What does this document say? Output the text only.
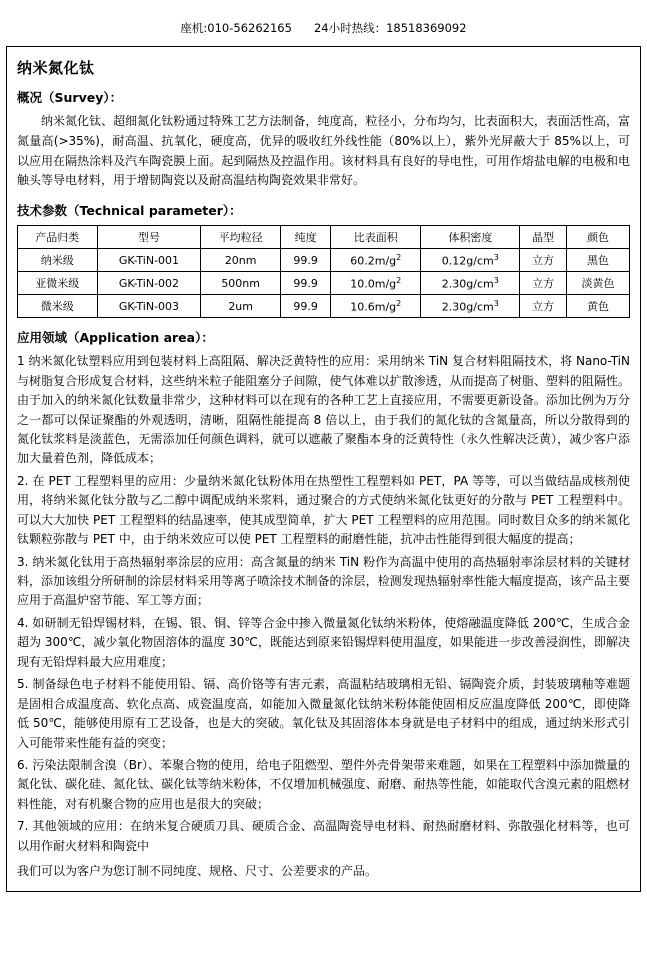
座机:010-56262165 24小时热线：18518369092
纳米氮化钛
概况（Survey）：

纳米氮化钛、超细氮化钛粉通过特殊工艺方法制备，纯度高，粒径小，分布均匀，比表面积大，表面活性高，富氮量高(>35%)，耐高温、抗氧化，硬度高，优异的吸收红外线性能（80%以上），紫外光屏蔽大于 85%以上，可以应用在隔热涂料及汽车陶瓷膜上面。起到隔热及控温作用。该材料具有良好的导电性，可用作熔盐电解的电极和电触头等导电材料，用于增韧陶瓷以及耐高温结构陶瓷效果非常好。

技术参数（Technical parameter）：
产品归类	型号	平均粒径	纯度	比表面积	体积密度	晶型	颜色
纳米级	GK-TiN-001	20nm	99.9	$60.2m/g^2$	$0.12g/cm^3$	立方	黑色
亚微米级	GK-TiN-002	500nm	99.9	$10.0m/g^2$	$2.30g/cm^3$	立方	淡黄色
微米级	GK-TiN-003	2um	99.9	$10.6m/g^2$	$2.30g/cm^3$	立方	黄色
应用领域（Application area）：

1 纳米氮化钛塑料应用到包装材料上高阻隔、解决泛黄特性的应用：采用纳米 TiN 复合材料阻隔技术，将 Nano-TiN 与树脂复合形成复合材料，这些纳米粒子能阻塞分子间隙，使气体难以扩散渗透，从而提高了树脂、塑料的阻隔性。由于加入的纳米氮化钛数量非常少，这种材料可以在现有的各种工艺上直接应用，不需要更新设备。添加比例为万分之一都可以保证聚酯的外观透明，清晰，阻隔性能提高 8 倍以上，由于我们的氮化钛的含氮量高，所以分散得到的氮化钛浆料是淡蓝色，无需添加任何颜色调料，就可以遮蔽了聚酯本身的泛黄特性（永久性解决泛黄），减少客户添加大量着色剂，降低成本；

2. 在 PET 工程塑料里的应用：少量纳米氮化钛粉体用在热塑性工程塑料如 PET，PA 等等，可以当做结晶成核剂使用，将纳米氮化钛分散与乙二醇中调配成纳米浆料，通过聚合的方式使纳米氮化钛更好的分散与 PET 工程塑料中。可以大大加快 PET 工程塑料的结晶速率，使其成型简单，扩大 PET 工程塑料的应用范围。同时数目众多的纳米氮化钛颗粒弥散与 PET 中，由于纳米效应可以使 PET 工程塑料的耐磨性能，抗冲击性能得到很大幅度的提高；

3. 纳米氮化钛用于高热辐射率涂层的应用：高含氮量的纳米 TiN 粉作为高温中使用的高热辐射率涂层材料的关键材料，添加该组分所研制的涂层材料采用等离子喷涂技术制备的涂层，检测发现热辐射率性能大幅度提高，该产品主要应用于高温炉窑节能、军工等方面；

4. 如研制无铅焊锡材料，在锡、银、铜、锌等合金中掺入微量氮化钛纳米粉体，使熔融温度降低 200℃，生成合金超为 300℃，减少氧化物固溶体的温度 30℃，既能达到原来铅锡焊料使用温度，如果能进一步改善浸润性，即解决现有无铅焊料最大应用难度；

5. 制备绿色电子材料不能使用铅、镉、高价铬等有害元素，高温粘结玻璃相无铅、镉陶瓷介质，封装玻璃釉等难题是固相合成温度高、软化点高、成瓷温度高，如能加入微量氮化钛纳米粉体能使固相反应温度降低 200℃，即使降低 50℃，能够使用原有工艺设备，也是大的突破。氧化钛及其固溶体本身就是电子材料中的组成，通过纳米形式引入可能带来性能有益的突变；

6. 污染法限制含溴（Br）、苯聚合物的使用，给电子阻燃型、塑件外壳骨架带来难题，如果在工程塑料中添加微量的氮化钛、碳化硅、氮化钛、碳化钛等纳米粉体，不仅增加机械强度、耐磨、耐热等性能，如能取代含溴元素的阻燃材料性能，对有机聚合物的应用也是很大的突破；

7. 其他领域的应用：在纳米复合硬质刀具、硬质合金、高温陶瓷导电材料、耐热耐磨材料、弥散强化材料等，也可以用作耐火材料和陶瓷中

我们可以为客户为您订制不同纯度、规格、尺寸、公差要求的产品。
